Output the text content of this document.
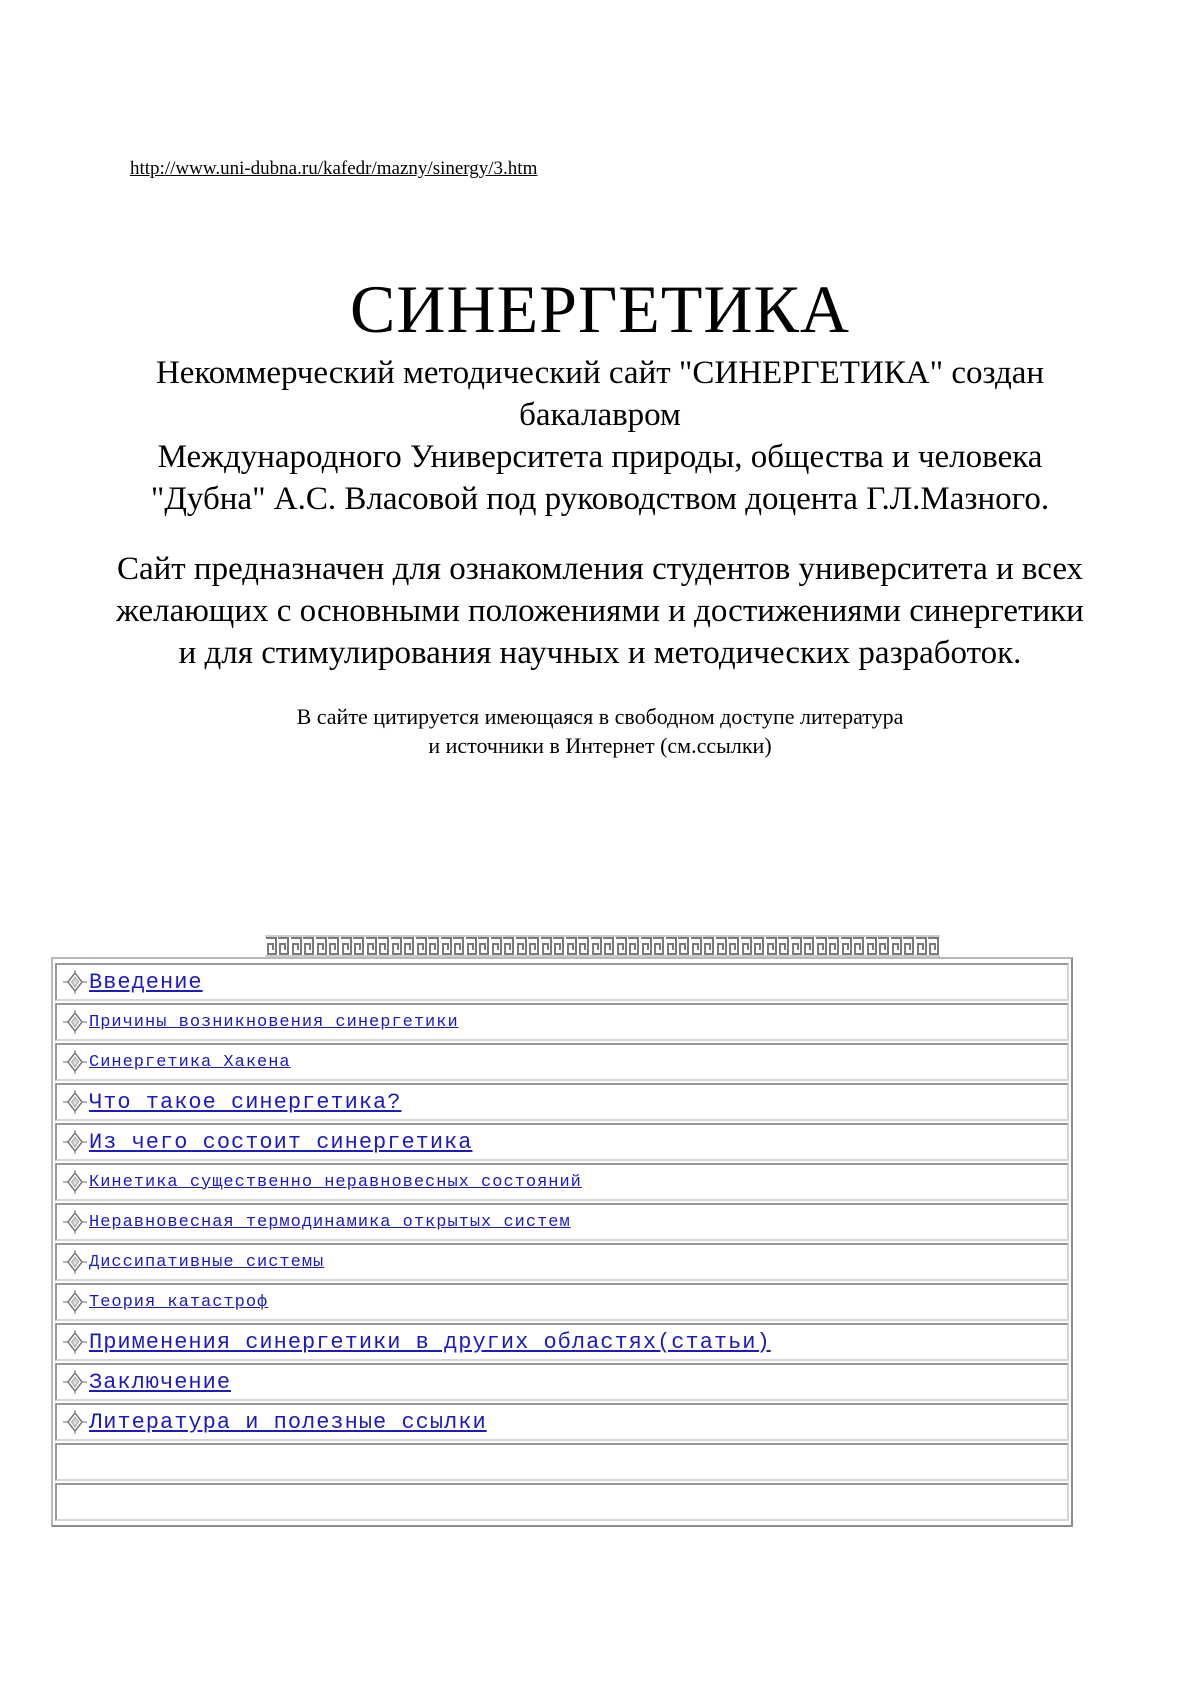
http://www.uni-dubna.ru/kafedr/mazny/sinergy/3.htm
СИНЕРГЕТИКА
Некоммерческий методический сайт "СИНЕРГЕТИКА" создан
бакалавром
Международного Университета природы, общества и человека
"Дубна" А.С. Власовой под руководством доцента Г.Л.Мазного.
Сайт предназначен для ознакомления студентов университета и всех
желающих с основными положениями и достижениями синергетики
и для стимулирования научных и методических разработок.
В сайте цитируется имеющаяся в свободном доступе литература
и источники в Интернет (см.ссылки)
Введение
Причины возникновения синергетики
Синергетика Хакена
Что такое синергетика?
Из чего состоит синергетика
Кинетика существенно неравновесных состояний
Неравновесная термодинамика открытых систем
Диссипативные системы
Теория катастроф
Применения синергетики в других областях(статьи)
Заключение
Литература и полезные ссылки
